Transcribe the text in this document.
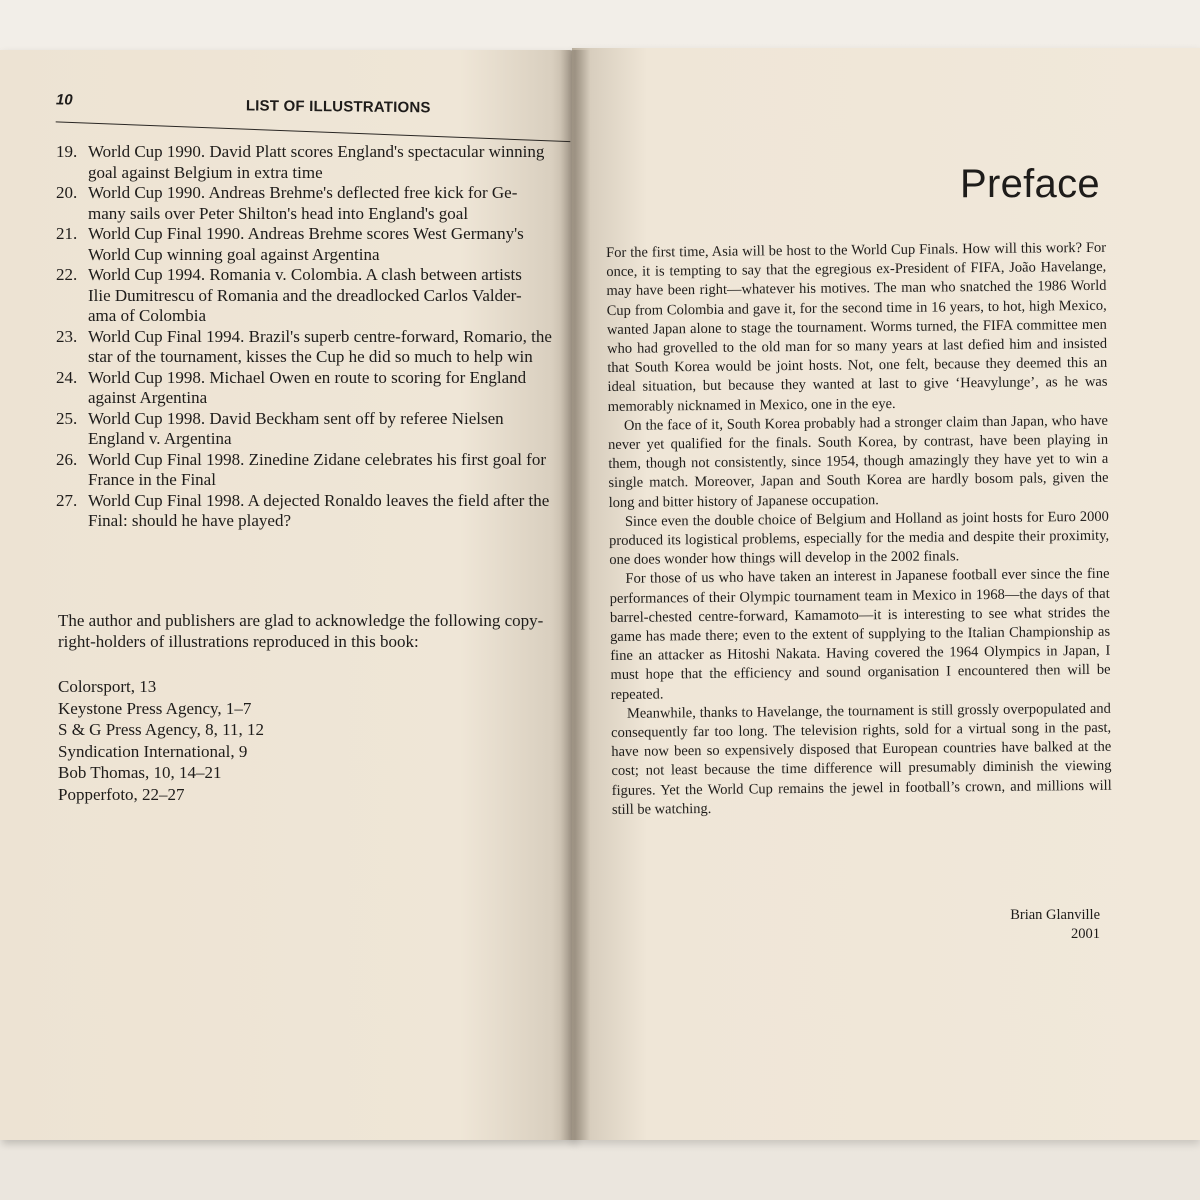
10	LIST OF ILLUSTRATIONS
19. World Cup 1990. David Platt scores England's spectacular winning
goal against Belgium in extra time
20. World Cup 1990. Andreas Brehme's deflected free kick for Ge-
many sails over Peter Shilton's head into England's goal
21. World Cup Final 1990. Andreas Brehme scores West Germany's
World Cup winning goal against Argentina
22. World Cup 1994. Romania v. Colombia. A clash between artists
Ilie Dumitrescu of Romania and the dreadlocked Carlos Valder-
ama of Colombia
23. World Cup Final 1994. Brazil's superb centre-forward, Romario, the
star of the tournament, kisses the Cup he did so much to help win
24. World Cup 1998. Michael Owen en route to scoring for England
against Argentina
25. World Cup 1998. David Beckham sent off by referee Nielsen
England v. Argentina
26. World Cup Final 1998. Zinedine Zidane celebrates his first goal for
France in the Final
27. World Cup Final 1998. A dejected Ronaldo leaves the field after the
Final: should he have played?

The author and publishers are glad to acknowledge the following copy-
right-holders of illustrations reproduced in this book:

Colorsport, 13
Keystone Press Agency, 1–7
S & G Press Agency, 8, 11, 12
Syndication International, 9
Bob Thomas, 10, 14–21
Popperfoto, 22–27
Preface

For the first time, Asia will be host to the World Cup Finals. How will this work? For once, it is tempting to say that the egregious ex-President of FIFA, João Havelange, may have been right—whatever his motives. The man who snatched the 1986 World Cup from Colombia and gave it, for the second time in 16 years, to hot, high Mexico, wanted Japan alone to stage the tournament. Worms turned, the FIFA committee men who had grovelled to the old man for so many years at last defied him and insisted that South Korea would be joint hosts. Not, one felt, because they deemed this an ideal situation, but because they wanted at last to give ‘Heavylunge’, as he was memorably nicknamed in Mexico, one in the eye.

On the face of it, South Korea probably had a stronger claim than Japan, who have never yet qualified for the finals. South Korea, by contrast, have been playing in them, though not consistently, since 1954, though amazingly they have yet to win a single match. Moreover, Japan and South Korea are hardly bosom pals, given the long and bitter history of Japanese occupation.

Since even the double choice of Belgium and Holland as joint hosts for Euro 2000 produced its logistical problems, especially for the media and despite their proximity, one does wonder how things will develop in the 2002 finals.

For those of us who have taken an interest in Japanese football ever since the fine performances of their Olympic tournament team in Mexico in 1968—the days of that barrel-chested centre-forward, Kamamoto—it is interesting to see what strides the game has made there; even to the extent of supplying to the Italian Championship as fine an attacker as Hitoshi Nakata. Having covered the 1964 Olympics in Japan, I must hope that the efficiency and sound organisation I encountered then will be repeated.

Meanwhile, thanks to Havelange, the tournament is still grossly overpopulated and consequently far too long. The television rights, sold for a virtual song in the past, have now been so expensively disposed that European countries have balked at the cost; not least because the time difference will presumably diminish the viewing figures. Yet the World Cup remains the jewel in football’s crown, and millions will still be watching.

Brian Glanville
2001
